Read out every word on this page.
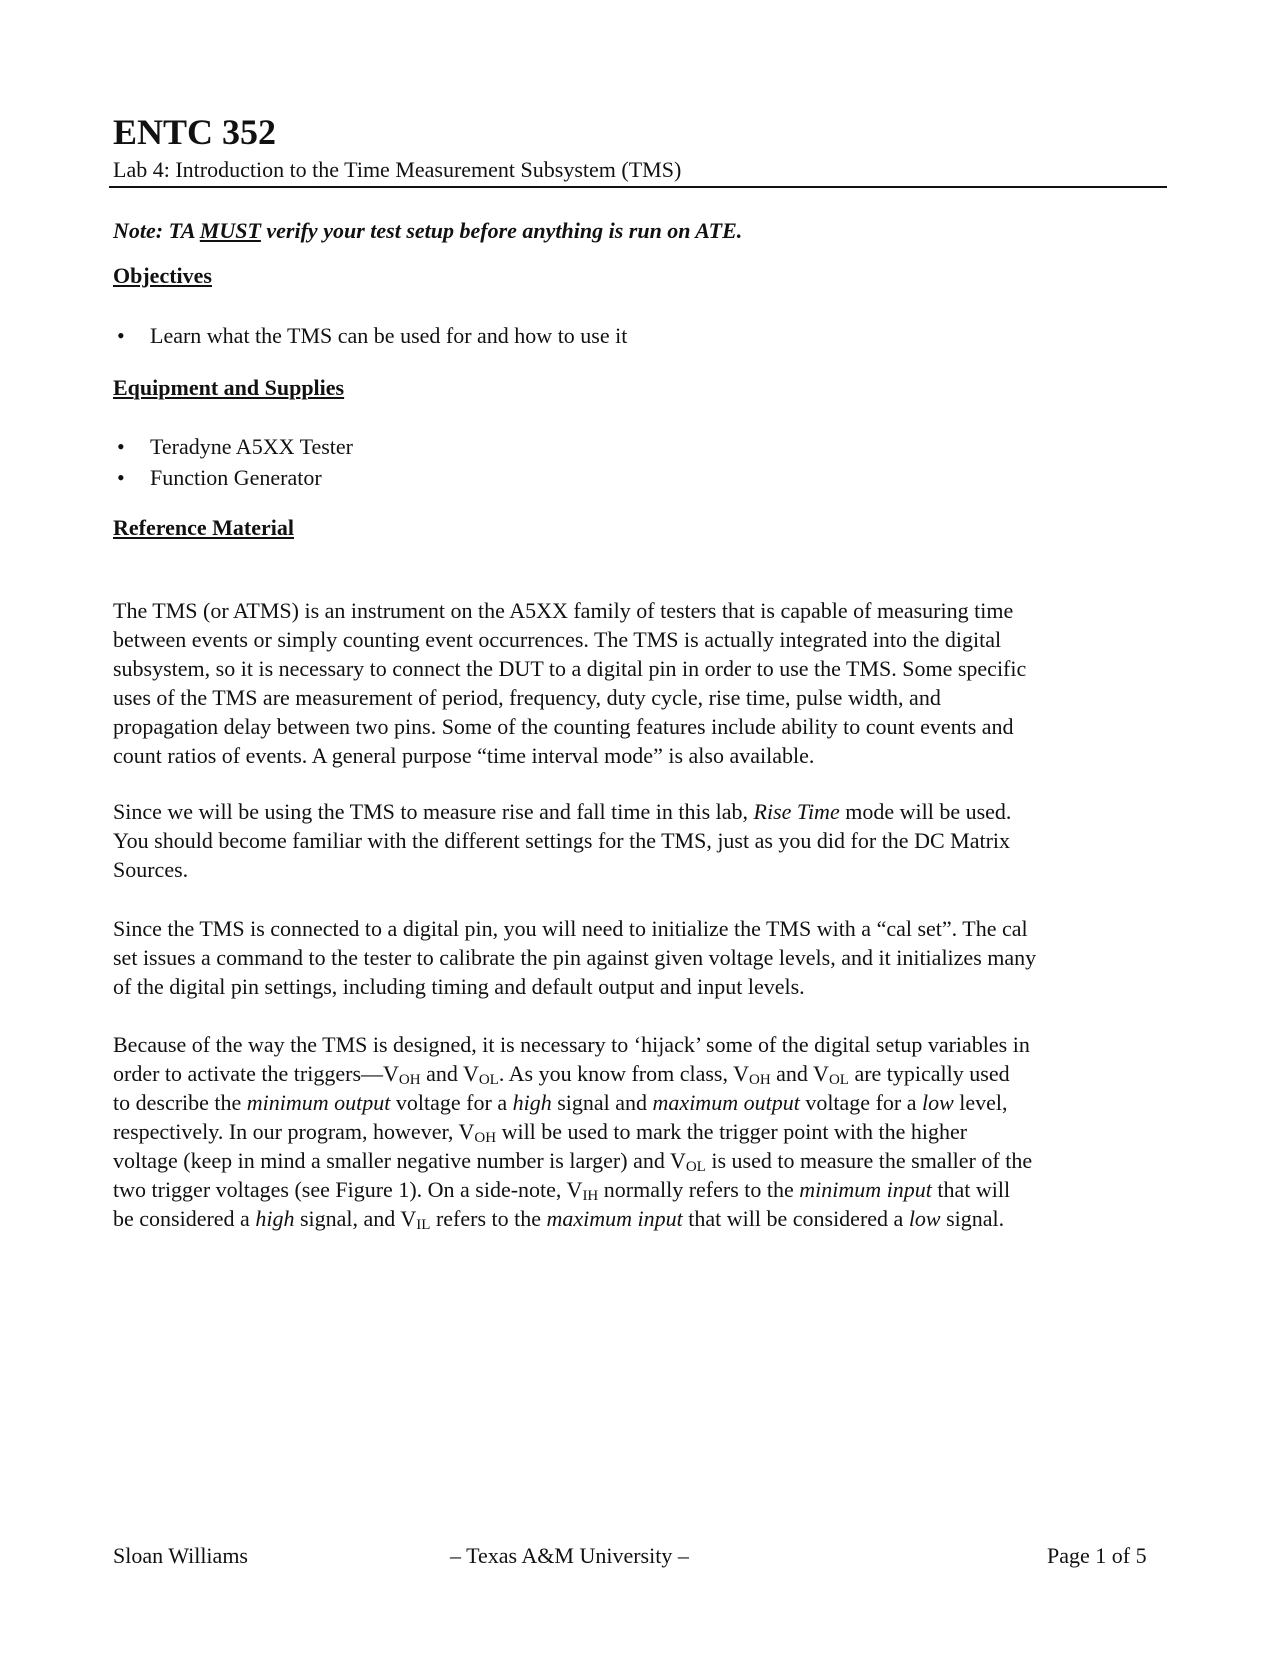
ENTC 352

Lab 4: Introduction to the Time Measurement Subsystem (TMS)

Note: TA MUST verify your test setup before anything is run on ATE.

Objectives
• Learn what the TMS can be used for and how to use it
Equipment and Supplies
• Teradyne A5XX Tester
• Function Generator
Reference Material

The TMS (or ATMS) is an instrument on the A5XX family of testers that is capable of measuring time
between events or simply counting event occurrences. The TMS is actually integrated into the digital
subsystem, so it is necessary to connect the DUT to a digital pin in order to use the TMS. Some specific
uses of the TMS are measurement of period, frequency, duty cycle, rise time, pulse width, and
propagation delay between two pins. Some of the counting features include ability to count events and
count ratios of events. A general purpose “time interval mode” is also available.

Since we will be using the TMS to measure rise and fall time in this lab, Rise Time mode will be used.
You should become familiar with the different settings for the TMS, just as you did for the DC Matrix
Sources.

Since the TMS is connected to a digital pin, you will need to initialize the TMS with a “cal set”. The cal
set issues a command to the tester to calibrate the pin against given voltage levels, and it initializes many
of the digital pin settings, including timing and default output and input levels.

Because of the way the TMS is designed, it is necessary to ‘hijack’ some of the digital setup variables in
order to activate the $triggers—V_{OH}$ and $V_{OL}$. As you know from class, $V_{OH}$ and $V_{OL}$ are typically used
to describe the minimum output voltage for a high signal and maximum output voltage for a low level,
respectively. In our program, however, $V_{OH}$ will be used to mark the trigger point with the higher
voltage (keep in mind a smaller negative number is larger) and $V_{OL}$ is used to measure the smaller of the
two trigger voltages (see Figure 1). On a side-note, $V_{IH}$ normally refers to the minimum input that will
be considered a high signal, and $V_{IL}$ refers to the maximum input that will be considered a low signal.

Sloan Williams	– Texas A&M University –	Page 1 of 5
